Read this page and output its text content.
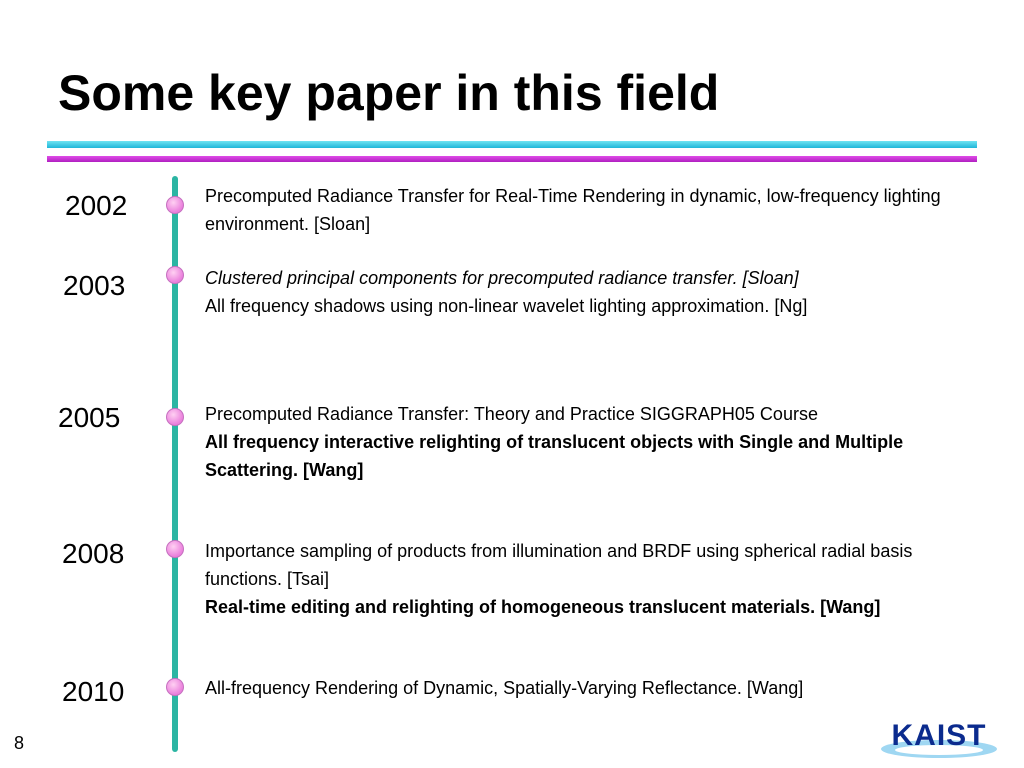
Some key paper in this field
2002	Precomputed Radiance Transfer for Real-Time Rendering in dynamic, low-frequency lighting environment. [Sloan]

2003	Clustered principal components for precomputed radiance transfer. [Sloan]

All frequency shadows using non-linear wavelet lighting approximation. [Ng]

2005	Precomputed Radiance Transfer: Theory and Practice SIGGRAPH05 Course

All frequency interactive relighting of translucent objects with Single and Multiple Scattering. [Wang]

2008	Importance sampling of products from illumination and BRDF using spherical radial basis functions. [Tsai]

Real-time editing and relighting of homogeneous translucent materials. [Wang]

2010	All-frequency Rendering of Dynamic, Spatially-Varying Reflectance. [Wang]

8	KAIST
